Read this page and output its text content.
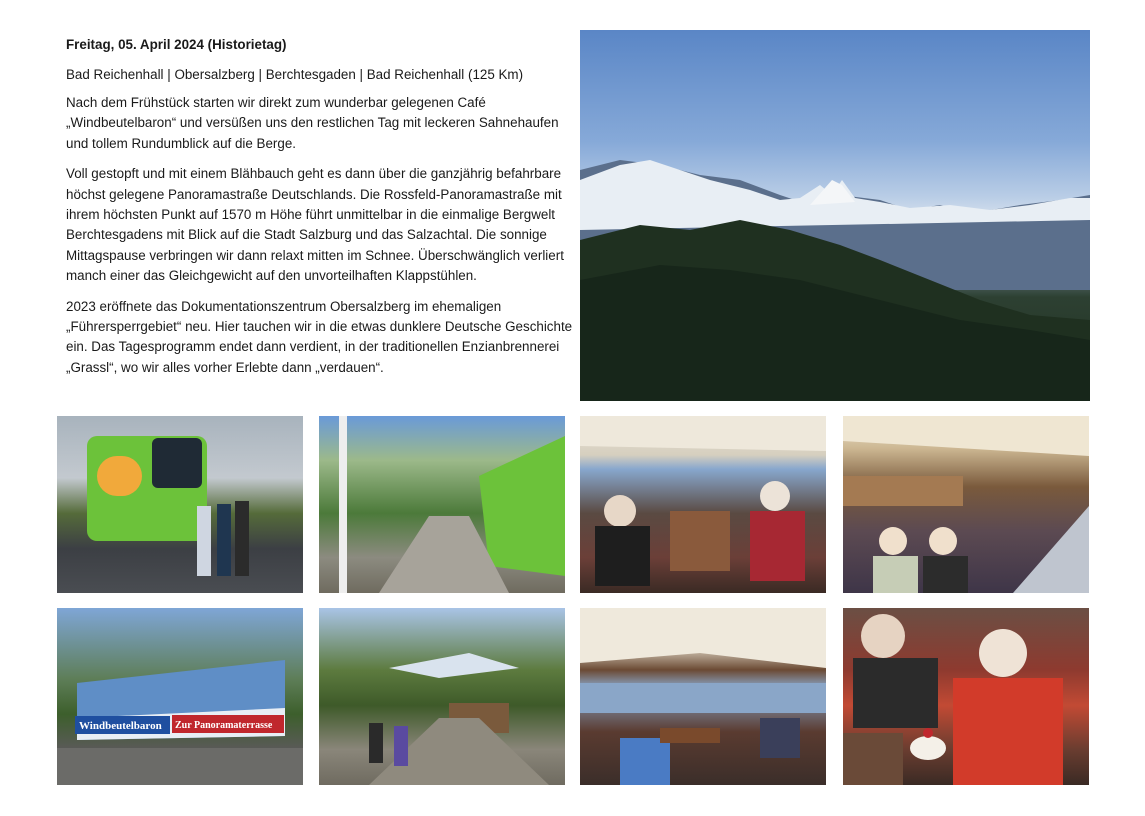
Freitag, 05. April 2024 (Historietag)

Bad Reichenhall | Obersalzberg | Berchtesgaden | Bad Reichenhall (125 Km)

Nach dem Frühstück starten wir direkt zum wunderbar gelegenen Café „Windbeutelbaron“ und versüßen uns den restlichen Tag mit leckeren Sahnehaufen und tollem Rundumblick auf die Berge.

Voll gestopft und mit einem Blähbauch geht es dann über die ganzjährig befahrbare höchst gelegene Panoramastraße Deutschlands. Die Rossfeld-Panoramastraße mit ihrem höchsten Punkt auf 1570 m Höhe führt unmittelbar in die einmalige Bergwelt Berchtesgadens mit Blick auf die Stadt Salzburg und das Salzachtal. Die sonnige Mittagspause verbringen wir dann relaxt mitten im Schnee. Überschwänglich verliert manch einer das Gleichgewicht auf den unvorteilhaften Klappstühlen.

2023 eröffnete das Dokumentationszentrum Obersalzberg im ehemaligen „Führersperrgebiet“ neu. Hier tauchen wir in die etwas dunklere Deutsche Geschichte ein. Das Tagesprogramm endet dann verdient, in der traditionellen Enzianbrennerei „Grassl“, wo wir alles vorher Erlebte dann „verdauen“.

Windbeutelbaron Zur Panoramaterrasse
